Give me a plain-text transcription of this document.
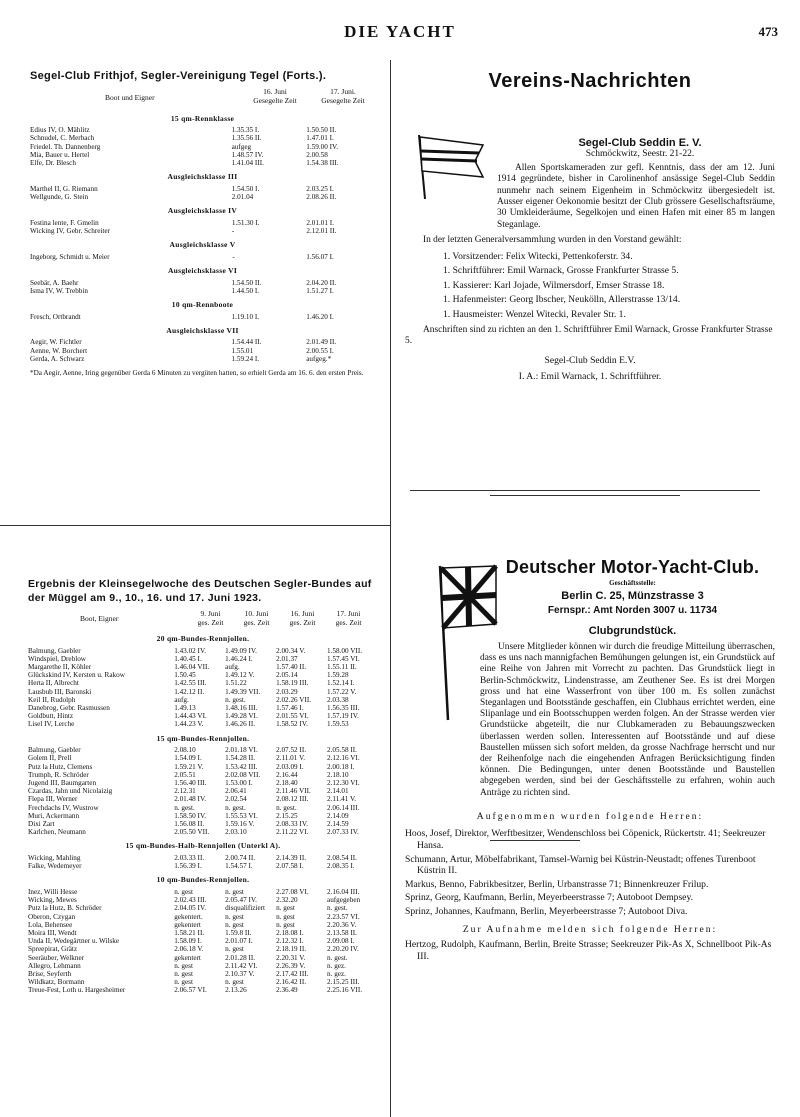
DIE YACHT	473
Segel-Club Frithjof, Segler-Vereinigung Tegel (Forts.).
Boot und Eigner
16. Juni
Gesegelte Zeit
17. Juni.
Gesegelte Zeit
15 qm-Rennklasse
Edius IV, O. Mählitz	1.35.35 I.	1.50.50 II.
Schnudel, C. Merbach	1.35.56 II.	1.47.01 I.
Friedel. Th. Dannenberg	aufgeg	1.59.00 IV.
Mia, Bauer u. Hertel	1.48.57 IV.	2.00.58
Elfe, Dr. Blesch	1.41.04 III.	1.54.38 III.
Ausgleichsklasse III
Marthel II, G. Riemann	1.54.50 I.	2.03.25 I.
Wellgunde, G. Stein	2.01.04	2.08.26 II.
Ausgleichsklasse IV
Festina lente, F. Gmelin	1.51.30 I.	2.01.01 I.
Wicking IV, Gebr. Schreiter	-	2.12.01 II.
Ausgleichsklasse V
Ingeborg, Schmidt u. Meier	-	1.56.07 I.
Ausgleichsklasse VI
Seebär, A. Baehr	1.54.50 II.	2.04.20 II.
Isma IV, W. Trebbin	1.44.50 I.	1.51.27 I.
10 qm-Rennboote
Fresch, Ortbrandt	1.19.10 I.	1.46.20 I.
Ausgleichsklasse VII
Aegir, W. Fichtler	1.54.44 II.	2.01.49 II.
Aenne, W. Borchert	1.55.01	2.00.55 I.
Gerda, A. Schwarz	1.59.24 I.	aufgeg.*
*Da Aegir, Aenne, Iring gegenüber Gerda 6 Minuten zu vergüten hatten, so erhielt Gerda am 16. 6. den ersten Preis.
Ergebnis der Kleinsegelwoche des Deutschen Segler-Bundes auf der Müggel am 9., 10., 16. und 17. Juni 1923.
Boot, Eigner
9. Juni
ges. Zeit
10. Juni
ges. Zeit
16. Juni
ges. Zeit
17. Juni
ges. Zeit
20 qm-Bundes-Rennjollen.
Balmung, Gaebler	1.43.02 IV.	1.49.09 IV.	2.00.34 V.	1.58.00 VII.
Windspiel, Dreblow	1.40.45 I.	1.46.24 I.	2.01.37	1.57.45 VI.
Margarethe II, Köhler	1.46.04 VII.	aufg.	1.57.40 II.	1.55.11 II.
Glückskind IV, Kersten u. Rakow	1.50.45	1.49.12 V.	2.05.14	1.59.28
Herta II, Albrecht	1.42.55 III.	1.51.22	1.58.19 III.	1.52.14 I.
Lausbub III, Baronski	1.42.12 II.	1.49.39 VII.	2.03.29	1.57.22 V.
Keil II, Rudolph	aufg.	n. gest.	2.02.26 VII.	2.03.38
Danebrog, Gebr. Rasmussen	1.49.13	1.48.16 III.	1.57.46 I.	1.56.35 III.
Goldbutt, Hintz	1.44.43 VI.	1.49.28 VI.	2.01.55 VI.	1.57.19 IV.
Lisel IV, Lerche	1.44.23 V.	1.46.26 II.	1.58.52 IV.	1.59.53
15 qm-Bundes-Rennjollen.
Balmung, Gaebler	2.08.10	2.01.18 VI.	2.07.52 II.	2.05.58 II.
Golem II, Prell	1.54.09 I.	1.54.28 II.	2.11.01 V.	2.12.16 VI.
Putz la Hutz, Clemens	1.59.21 V.	1.53.42 III.	2.03.09 I.	2.00.18 I.
Trumph, R. Schröder	2.05.51	2.02.08 VII.	2.16.44	2.18.10
Jugend III, Baumgarten	1.56.40 III.	1.53.00 I.	2.18.40	2.12.30 VI.
Czardas, Jahn und Nicolaizig	2.12.31	2.06.41	2.11.46 VII.	2.14.01
Flepa III, Werner	2.01.48 IV.	2.02.54	2.08.12 III.	2.11.41 V.
Frechdachs IV, Wustrow	n. gest.	n. gest.	n. gest.	2.06.14 III.
Muri, Ackermann	1.58.50 IV.	1.55.53 VI.	2.15.25	2.14.09
Dixi Zart	1.56.08 II.	1.59.16 V.	2.08.33 IV.	2.14.59
Karlchen, Neumann	2.05.50 VII.	2.03.10	2.11.22 VI.	2.07.33 IV.
15 qm-Bundes-Halb-Rennjollen (Unterkl A).
Wicking, Mahling	2.03.33 II.	2.00.74 II.	2.14.39 II.	2.08.54 II.
Falke, Wedemeyer	1.56.39 I.	1.54.57 I.	2.07.58 I.	2.08.35 I.
10 qm-Bundes-Rennjollen.
Inez, Willi Hesse	n. gest	n. gest	2.27.08 VI.	2.16.04 III.
Wicking, Mewes	2.02.43 III.	2.05.47 IV.	2.32.20	aufgegeben
Putz la Hutz, B. Schröder	2.04.05 IV.	disqualifiziert	n. gest	n. gest.
Oberon, Czygan	gekentert.	n. gest	n. gest	2.23.57 VI.
Lola, Behensee	gekentert	n. gest	n. gest	2.20.36 V.
Moira III, Wendt	1.58.21 II.	1.59.8 II.	2.18.08 I.	2.13.58 II.
Unda II, Wedegärtner u. Wilske	1.58.09 I.	2.01.07 I.	2.12.32 I.	2.09.08 I.
Spreepirat, Grätz	2.06.18 V.	n. gest	2.18.19 II.	2.20.20 IV.
Seeräuber, Welkner	gekentert	2.01.28 II.	2.20.31 V.	n. gest.
Allegro, Lehmann	n. gest	2.11.42 VI.	2.26.39 V.	n. gez.
Brise, Seyferth	n. gest	2.10.37 V.	2.17.42 III.	n. gez.
Wildkatz, Bormann	n. gest	n. gest	2.16.42 II.	2.15.25 III.
Treue-Fest, Loth u. Hargesheimer	2.06.57 VI.	2.13.26	2.36.49	2.25.16 VII.
Vereins-Nachrichten
Segel-Club Seddin E. V.
Schmöckwitz, Seestr. 21-22.
Allen Sportskameraden zur gefl. Kenntnis, dass der am 12. Juni 1914 gegründete, bisher in Carolinenhof ansässige Segel-Club Seddin nunmehr nach seinem Eigenheim in Schmöckwitz übergesiedelt ist. Ausser eigener Oekonomie besitzt der Club grössere Gesellschaftsräume, 30 Umkleideräume, Segelkojen und einen Hafen mit einer 85 m langen Steganlage.
In der letzten Generalversammlung wurden in den Vorstand gewählt:
1. Vorsitzender: Felix Witecki, Pettenkoferstr. 34.
1. Schriftführer: Emil Warnack, Grosse Frankfurter Strasse 5.
1. Kassierer: Karl Jojade, Wilmersdorf, Emser Strasse 18.
1. Hafenmeister: Georg Ibscher, Neukölln, Allerstrasse 13/14.
1. Hausmeister: Wenzel Witecki, Revaler Str. 1.
Anschriften sind zu richten an den 1. Schriftführer Emil Warnack, Grosse Frankfurter Strasse 5.
Segel-Club Seddin E.V.
I. A.: Emil Warnack, 1. Schriftführer.
Deutscher Motor-Yacht-Club.
Geschäftsstelle:
Berlin C. 25, Münzstrasse 3
Fernspr.: Amt Norden 3007 u. 11734
Clubgrundstück.
Unsere Mitglieder können wir durch die freudige Mitteilung überraschen, dass es uns nach mannigfachen Bemühungen gelungen ist, ein Grundstück auf eine Reihe von Jahren mit Vorrecht zu pachten. Das Grundstück liegt in Berlin-Schmöckwitz, Lindenstrasse, am Zeuthener See. Es ist drei Morgen gross und hat eine Wasserfront von über 100 m. Es sollen zunächst Steganlagen und Bootsstände geschaffen, ein Clubhaus errichtet werden, eine Slipanlage und ein Bootsschuppen werden folgen. An der Strasse werden vier Grundstücke abgeteilt, die nur Clubkameraden zu Bebauungszwecken überlassen werden sollen. Interessenten auf Bootsstände und auf diese Baustellen müssen sich sofort melden, da grosse Nachfrage herrscht und nur der Reihenfolge nach die eingehenden Anfragen Berücksichtigung finden können. Die Bedingungen, unter denen Bootsstände und Baustellen abgegeben werden, sind bei der Geschäftsstelle zu erfahren, wohin auch Anträge zu richten sind.
Aufgenommen wurden folgende Herren:

Hoos, Josef, Direktor, Werftbesitzer, Wendenschloss bei Cöpenick, Rückertstr. 41; Seekreuzer Hansa.

Schumann, Artur, Möbelfabrikant, Tamsel-Warnig bei Küstrin-Neustadt; offenes Turenboot Küstrin II.

Markus, Benno, Fabrikbesitzer, Berlin, Urbanstrasse 71; Binnenkreuzer Frilup.

Sprinz, Georg, Kaufmann, Berlin, Meyerbeerstrasse 7; Autoboot Dempsey.

Sprinz, Johannes, Kaufmann, Berlin, Meyerbeerstrasse 7; Autoboot Diva.

Zur Aufnahme melden sich folgende Herren:

Hertzog, Rudolph, Kaufmann, Berlin, Breite Strasse; Seekreuzer Pik-As X, Schnellboot Pik-As III.
